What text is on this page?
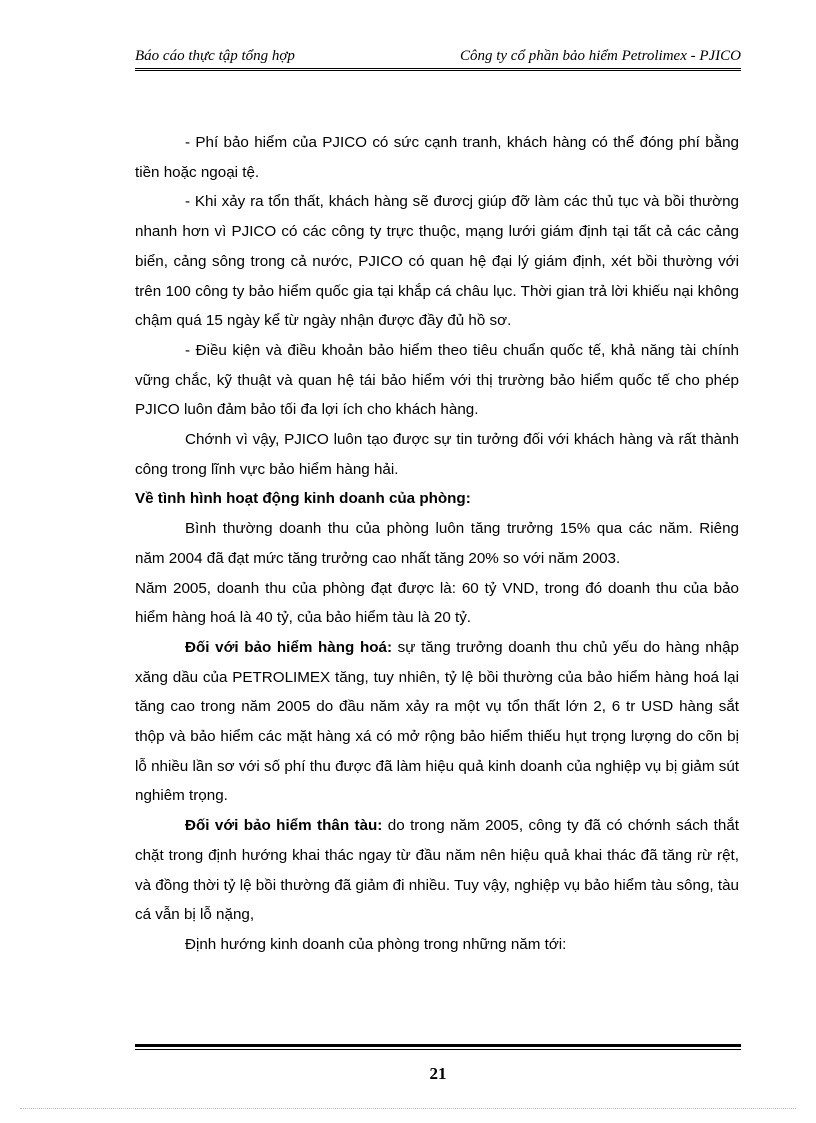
Báo cáo thực tập tổng hợp	Công ty cổ phần bảo hiểm Petrolimex - PJICO

- Phí bảo hiểm của PJICO có sức cạnh tranh, khách hàng có thể đóng phí bằng tiền hoặc ngoại tệ.

- Khi xảy ra tổn thất, khách hàng sẽ đươcj giúp đỡ làm các thủ tục và bồi thường nhanh hơn vì PJICO có các công ty trực thuộc, mạng lưới giám định tại tất cả các cảng biển, cảng sông trong cả nước, PJICO có quan hệ đại lý giám định, xét bồi thường với trên 100 công ty bảo hiểm quốc gia tại khắp cá châu lục. Thời gian trả lời khiếu nại không chậm quá 15 ngày kể từ ngày nhận được đầy đủ hồ sơ.

- Điều kiện và điều khoản bảo hiểm theo tiêu chuẩn quốc tế, khả năng tài chính vững chắc, kỹ thuật và quan hệ tái bảo hiểm với thị trường bảo hiểm quốc tế cho phép PJICO luôn đảm bảo tối đa lợi ích cho khách hàng.

Chớnh vì vậy, PJICO luôn tạo được sự tin tưởng đối với khách hàng và rất thành công trong lĩnh vực bảo hiểm hàng hải.

Về tình hình hoạt động kinh doanh của phòng:

Bình thường doanh thu của phòng luôn tăng trưởng 15% qua các năm. Riêng năm 2004 đã đạt mức tăng trưởng cao nhất tăng 20% so với năm 2003.

Năm 2005, doanh thu của phòng đạt được là: 60 tỷ VND, trong đó doanh thu của bảo hiểm hàng hoá là 40 tỷ, của bảo hiểm tàu là 20 tỷ.

Đối với bảo hiểm hàng hoá: sự tăng trưởng doanh thu chủ yếu do hàng nhập xăng dầu của PETROLIMEX tăng, tuy nhiên, tỷ lệ bồi thường của bảo hiểm hàng hoá lại tăng cao trong năm 2005 do đầu năm xảy ra một vụ tổn thất lớn 2, 6 tr USD hàng sắt thộp và bảo hiểm các mặt hàng xá có mở rộng bảo hiểm thiếu hụt trọng lượng do cõn bị lỗ nhiều lần sơ với số phí thu được đã làm hiệu quả kinh doanh của nghiệp vụ bị giảm sút nghiêm trọng.

Đối với bảo hiểm thân tàu: do trong năm 2005, công ty đã có chớnh sách thắt chặt trong định hướng khai thác ngay từ đầu năm nên hiệu quả khai thác đã tăng rừ rệt, và đồng thời tỷ lệ bồi thường đã giảm đi nhiều. Tuy vậy, nghiệp vụ bảo hiểm tàu sông, tàu cá vẫn bị lỗ nặng,

Định hướng kinh doanh của phòng trong những năm tới:

21
